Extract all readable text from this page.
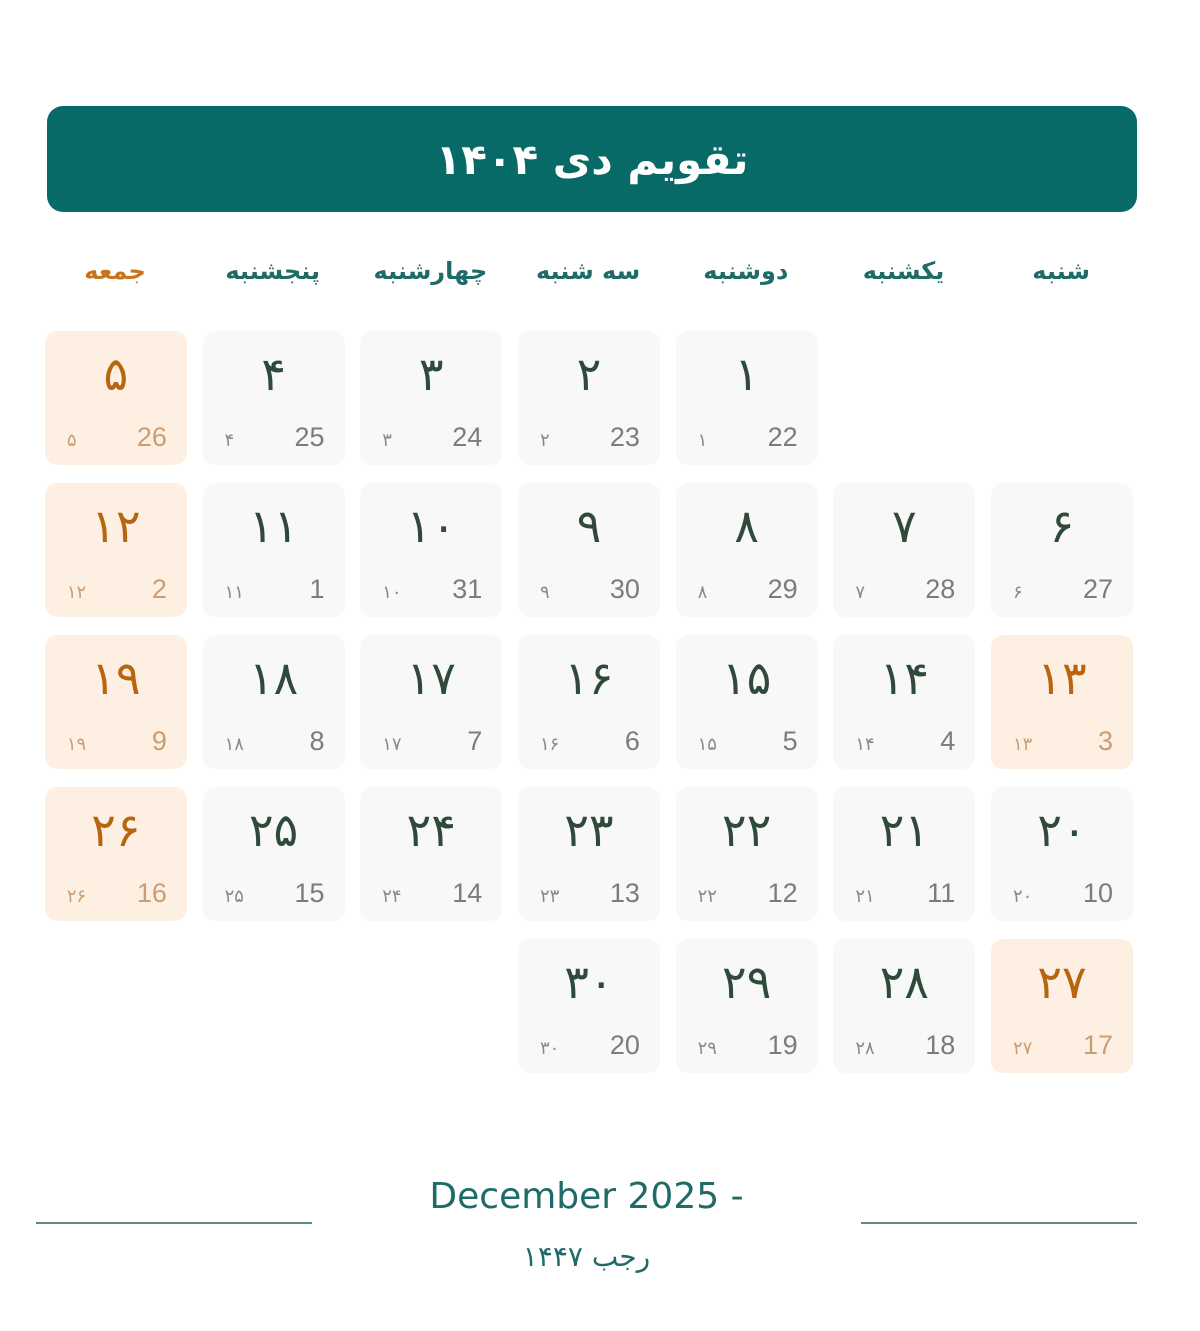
تقویم دی ۱۴۰۴
شنبه
یکشنبه
دوشنبه
سه شنبه
چهارشنبه
پنجشنبه
جمعه
۱
22
۱
۲
23
۲
۳
24
۳
۴
25
۴
۵
26
۵
۶
27
۶
۷
28
۷
۸
29
۸
۹
30
۹
۱۰
31
۱۰
۱۱
1
۱۱
۱۲
2
۱۲
۱۳
3
۱۳
۱۴
4
۱۴
۱۵
5
۱۵
۱۶
6
۱۶
۱۷
7
۱۷
۱۸
8
۱۸
۱۹
9
۱۹
۲۰
10
۲۰
۲۱
11
۲۱
۲۲
12
۲۲
۲۳
13
۲۳
۲۴
14
۲۴
۲۵
15
۲۵
۲۶
16
۲۶
۲۷
17
۲۷
۲۸
18
۲۸
۲۹
19
۲۹
۳۰
20
۳۰
December 2025 -
رجب ۱۴۴۷
